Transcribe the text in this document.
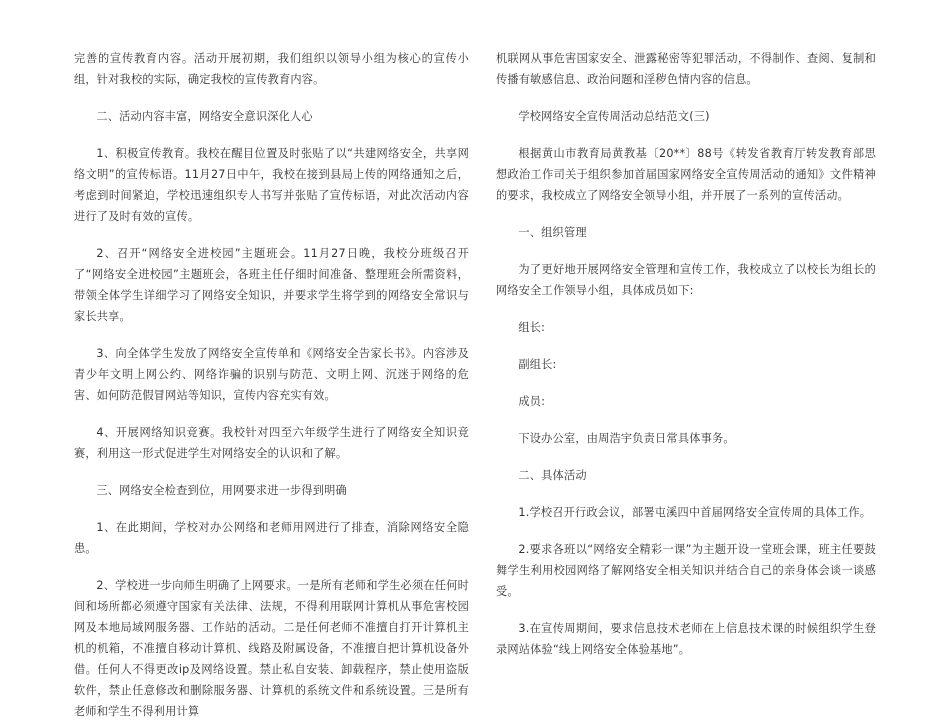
完善的宣传教育内容。活动开展初期，我们组织以领导小组为核心的宣传小组，针对我校的实际，确定我校的宣传教育内容。

二、活动内容丰富，网络安全意识深化人心

1、积极宣传教育。我校在醒目位置及时张贴了以“共建网络安全，共享网络文明”的宣传标语。11月27日中午，我校在接到县局上传的网络通知之后，考虑到时间紧迫，学校迅速组织专人书写并张贴了宣传标语，对此次活动内容进行了及时有效的宣传。

2、召开“网络安全进校园”主题班会。11月27日晚，我校分班级召开了“网络安全进校园”主题班会，各班主任仔细时间准备、整理班会所需资料，带领全体学生详细学习了网络安全知识，并要求学生将学到的网络安全常识与家长共享。

3、向全体学生发放了网络安全宣传单和《网络安全告家长书》。内容涉及青少年文明上网公约、网络诈骗的识别与防范、文明上网、沉迷于网络的危害、如何防范假冒网站等知识，宣传内容充实有效。

4、开展网络知识竞赛。我校针对四至六年级学生进行了网络安全知识竞赛，利用这一形式促进学生对网络安全的认识和了解。

三、网络安全检查到位，用网要求进一步得到明确

1、在此期间，学校对办公网络和老师用网进行了排查，消除网络安全隐患。

2、学校进一步向师生明确了上网要求。一是所有老师和学生必须在任何时间和场所都必须遵守国家有关法律、法规，不得利用联网计算机从事危害校园网及本地局域网服务器、工作站的活动。二是任何老师不准擅自打开计算机主机的机箱，不准擅自移动计算机、线路及附属设备，不准擅自把计算机设备外借。任何人不得更改ip及网络设置。禁止私自安装、卸载程序，禁止使用盗版软件，禁止任意修改和删除服务器、计算机的系统文件和系统设置。三是所有老师和学生不得利用计算

机联网从事危害国家安全、泄露秘密等犯罪活动，不得制作、查阅、复制和传播有敏感信息、政治问题和淫秽色情内容的信息。

学校网络安全宣传周活动总结范文(三)

根据黄山市教育局黄教基〔20**〕88号《转发省教育厅转发教育部思想政治工作司关于组织参加首届国家网络安全宣传周活动的通知》文件精神的要求，我校成立了网络安全领导小组，并开展了一系列的宣传活动。

一、组织管理

为了更好地开展网络安全管理和宣传工作，我校成立了以校长为组长的网络安全工作领导小组，具体成员如下:

组长:

副组长:

成员:

下设办公室，由周浩宇负责日常具体事务。

二、具体活动

1.学校召开行政会议，部署屯溪四中首届网络安全宣传周的具体工作。

2.要求各班以“网络安全精彩一课”为主题开设一堂班会课，班主任要鼓舞学生利用校园网络了解网络安全相关知识并结合自己的亲身体会谈一谈感受。

3.在宣传周期间，要求信息技术老师在上信息技术课的时候组织学生登录网站体验“线上网络安全体验基地”。
